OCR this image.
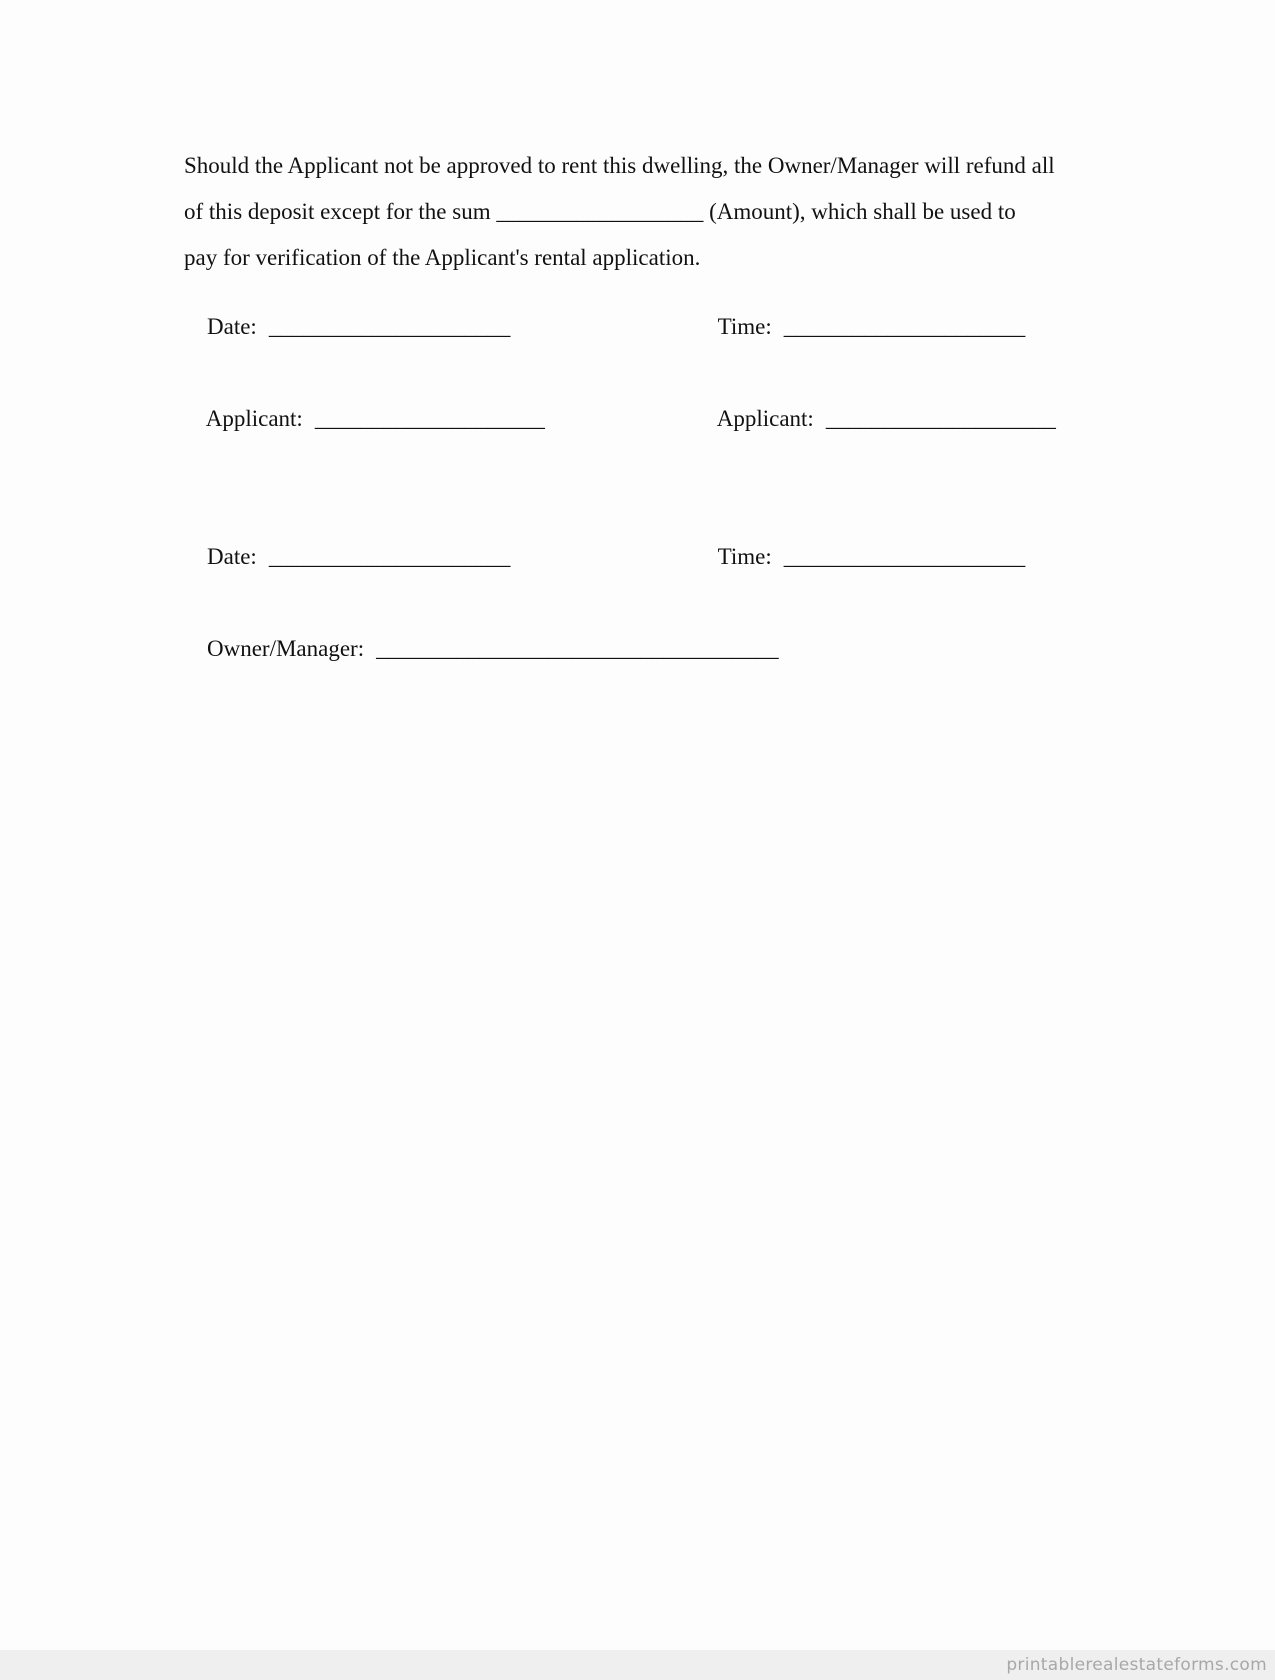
Should the Applicant not be approved to rent this dwelling, the Owner/Manager will refund all
of this deposit except for the sum __________________ (Amount), which shall be used to
pay for verification of the Applicant's rental application.

Date: _____________________
	Time: _____________________

Applicant: ____________________
	Applicant: ____________________

Date: _____________________
	Time: _____________________

Owner/Manager: ___________________________________

printablerealestateforms.com
